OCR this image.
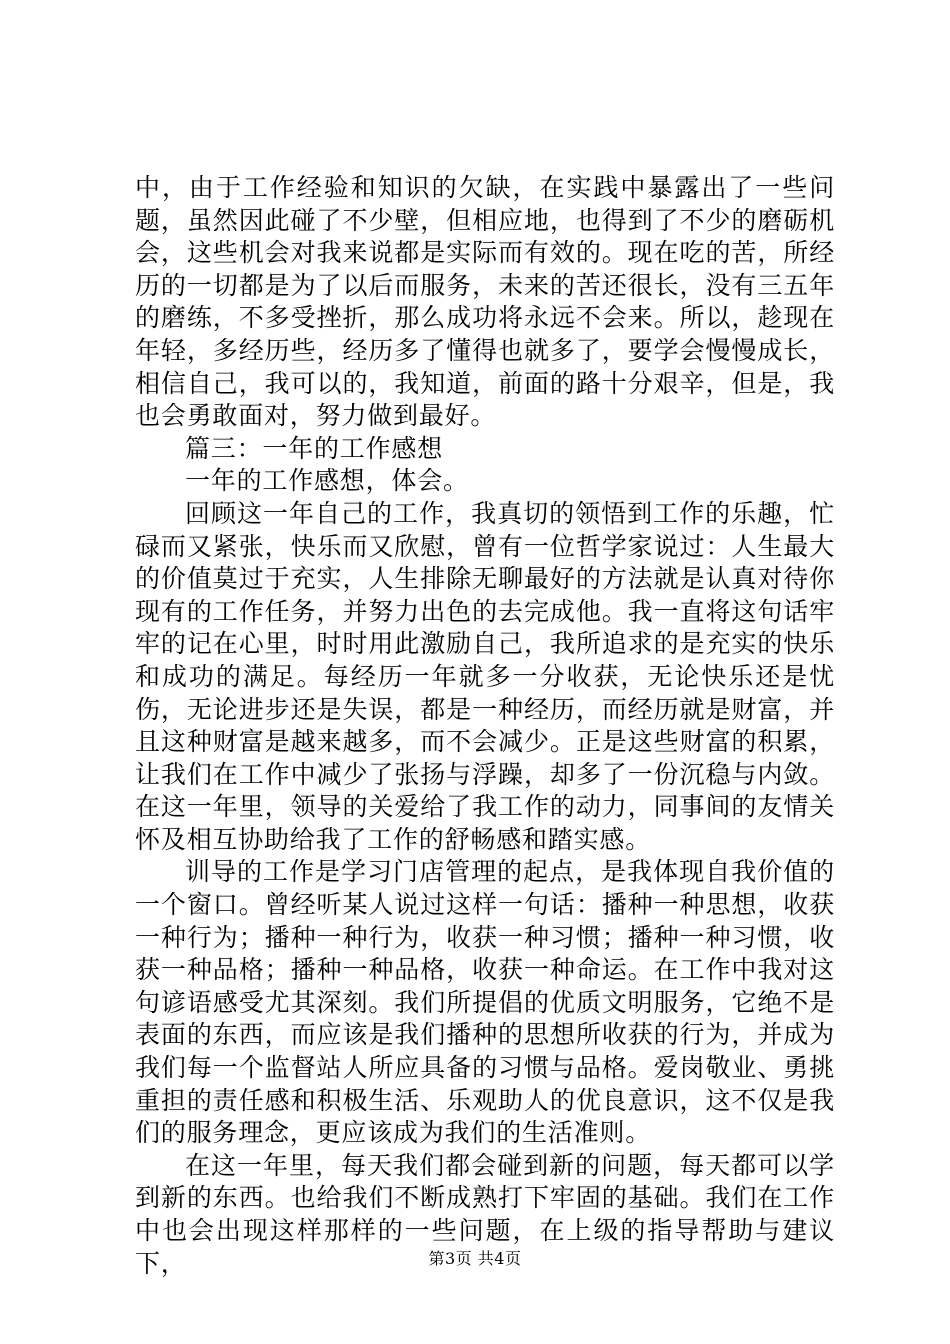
中，由于工作经验和知识的欠缺，在实践中暴露出了一些问题，虽然因此碰了不少壁，但相应地，也得到了不少的磨砺机会，这些机会对我来说都是实际而有效的。现在吃的苦，所经历的一切都是为了以后而服务，未来的苦还很长，没有三五年的磨练，不多受挫折，那么成功将永远不会来。所以，趁现在年轻，多经历些，经历多了懂得也就多了，要学会慢慢成长，相信自己，我可以的，我知道，前面的路十分艰辛，但是，我也会勇敢面对，努力做到最好。

篇三：一年的工作感想

一年的工作感想，体会。

回顾这一年自己的工作，我真切的领悟到工作的乐趣，忙碌而又紧张，快乐而又欣慰，曾有一位哲学家说过：人生最大的价值莫过于充实，人生排除无聊最好的方法就是认真对待你现有的工作任务，并努力出色的去完成他。我一直将这句话牢牢的记在心里，时时用此激励自己，我所追求的是充实的快乐和成功的满足。每经历一年就多一分收获，无论快乐还是忧伤，无论进步还是失误，都是一种经历，而经历就是财富，并且这种财富是越来越多，而不会减少。正是这些财富的积累，让我们在工作中减少了张扬与浮躁，却多了一份沉稳与内敛。在这一年里，领导的关爱给了我工作的动力，同事间的友情关怀及相互协助给我了工作的舒畅感和踏实感。

训导的工作是学习门店管理的起点，是我体现自我价值的一个窗口。曾经听某人说过这样一句话：播种一种思想，收获一种行为；播种一种行为，收获一种习惯；播种一种习惯，收获一种品格；播种一种品格，收获一种命运。在工作中我对这句谚语感受尤其深刻。我们所提倡的优质文明服务，它绝不是表面的东西，而应该是我们播种的思想所收获的行为，并成为我们每一个监督站人所应具备的习惯与品格。爱岗敬业、勇挑重担的责任感和积极生活、乐观助人的优良意识，这不仅是我们的服务理念，更应该成为我们的生活准则。

在这一年里，每天我们都会碰到新的问题，每天都可以学到新的东西。也给我们不断成熟打下牢固的基础。我们在工作中也会出现这样那样的一些问题，在上级的指导帮助与建议下，	第3页 共4页
